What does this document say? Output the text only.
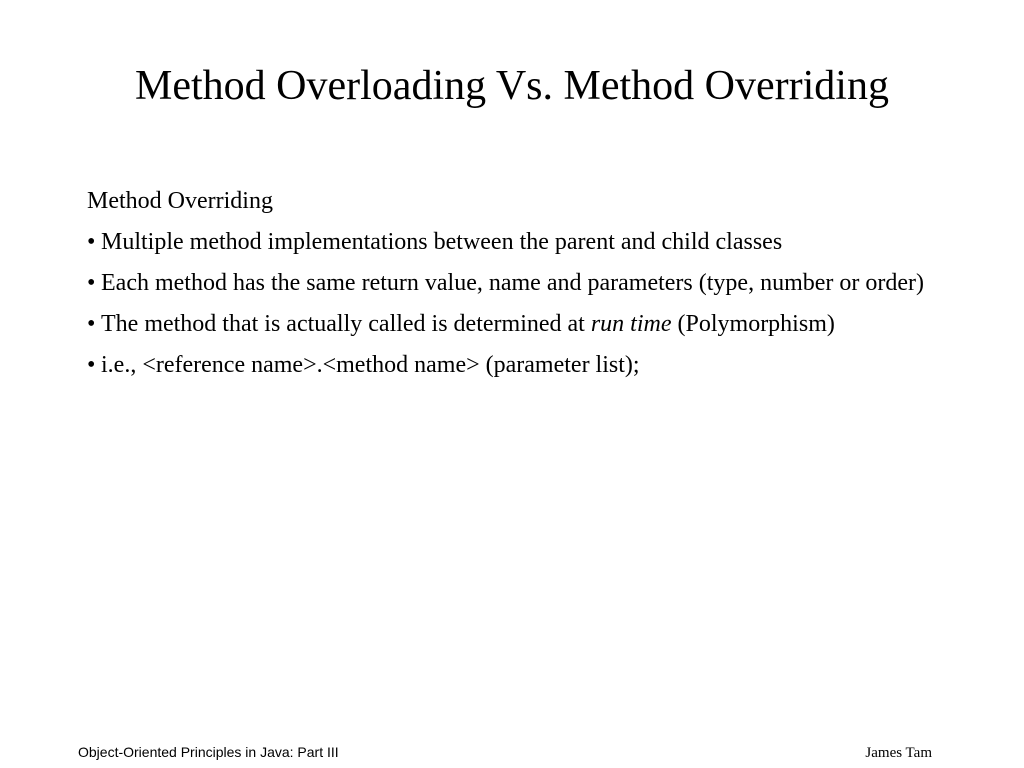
Method Overloading Vs. Method Overriding
Method Overriding
• Multiple method implementations between the parent and child classes
• Each method has the same return value, name and parameters (type, number or order)
• The method that is actually called is determined at run time (Polymorphism)
• i.e., <reference name>.<method name> (parameter list);
Object-Oriented Principles in Java: Part III	James Tam
